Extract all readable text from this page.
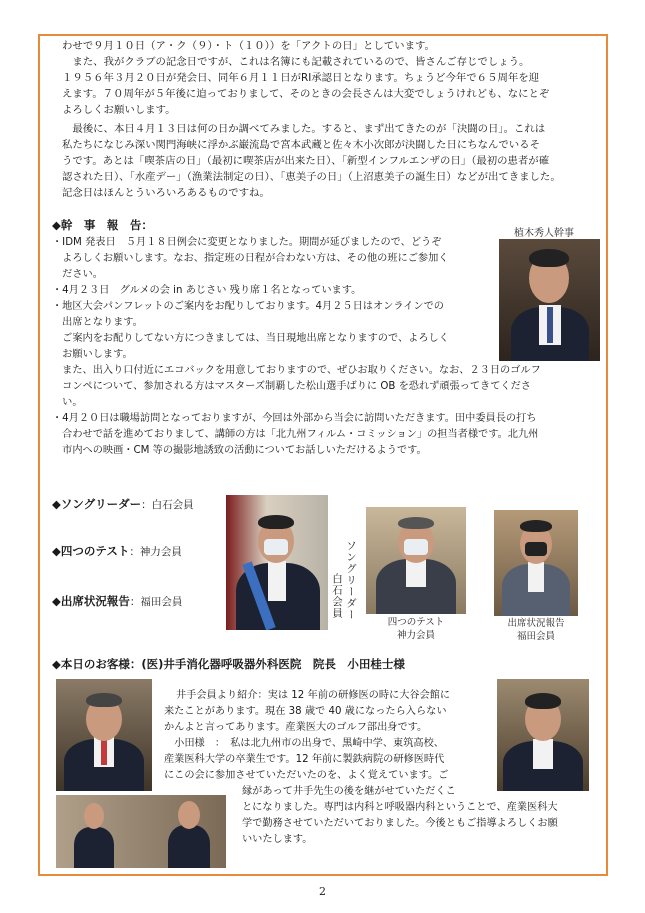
わせで９月１０日（ア・ク（９）・ト（１０））を「アクトの日」としています。

　また、我がクラブの記念日ですが、これは名簿にも記載されているので、皆さんご存じでしょう。

１９５６年３月２０日が発会日、同年６月１１日がRI承認日となります。ちょうど今年で６５周年を迎

えます。７０周年が５年後に迫っておりまして、そのときの会長さんは大変でしょうけれども、なにとぞ

よろしくお願いします。

　最後に、本日４月１３日は何の日か調べてみました。すると、まず出てきたのが「決闘の日」。これは

私たちになじみ深い関門海峡に浮かぶ巌流島で宮本武蔵と佐々木小次郎が決闘した日にちなんでいるそ

うです。あとは「喫茶店の日」（最初に喫茶店が出来た日）、「新型インフルエンザの日」（最初の患者が確

認された日）、「水産デー」（漁業法制定の日）、「恵美子の日」（上沼恵美子の誕生日）などが出てきました。

記念日はほんとういろいろあるものですね。

◆幹　事　報　告：

植木秀人幹事

・IDM 発表日　５月１８日例会に変更となりました。期間が延びましたので、どうぞ

　よろしくお願いします。なお、指定班の日程が合わない方は、その他の班にご参加く

　ださい。

・4月２３日　グルメの会 in あじさい 残り席１名となっています。

・地区大会パンフレットのご案内をお配りしております。4月２５日はオンラインでの

　出席となります。

　ご案内をお配りしてない方につきましては、当日現地出席となりますので、よろしく

　お願いします。

　また、出入り口付近にエコバックを用意しておりますので、ぜひお取りください。なお、２３日のゴルフ

　コンペについて、参加される方はマスターズ制覇した松山選手ばりに OB を恐れず頑張ってきてくださ

　い。

・4月２０日は職場訪問となっておりますが、今回は外部から当会に訪問いただきます。田中委員長の打ち

　合わせで話を進めておりまして、講師の方は「北九州フィルム・コミッション」の担当者様です。北九州

　市内への映画・CM 等の撮影地誘致の活動についてお話しいただけるようです。

◆ソングリーダー：白石会員
◆四つのテスト：神力会員
◆出席状況報告：福田会員	ソングリーダー
白石会員
四つのテスト
神力会員
出席状況報告
福田会員

◆本日のお客様：(医)井手消化器呼吸器外科医院　院長　小田桂士様

井手会員より紹介：実は 12 年前の研修医の時に大谷会館に

来たことがあります。現在 38 歳で 40 歳になったら入らない

かんよと言ってあります。産業医大のゴルフ部出身です。

　小田様　：　私は北九州市の出身で、黒崎中学、東筑高校、

産業医科大学の卒業生です。12 年前に製鉄病院の研修医時代

にこの会に参加させていただいたのを、よく覚えています。ご

縁があって井手先生の後を継がせていただくこ

とになりました。専門は内科と呼吸器内科ということで、産業医科大

学で勤務させていただいておりました。今後ともご指導よろしくお願

いいたします。

2
